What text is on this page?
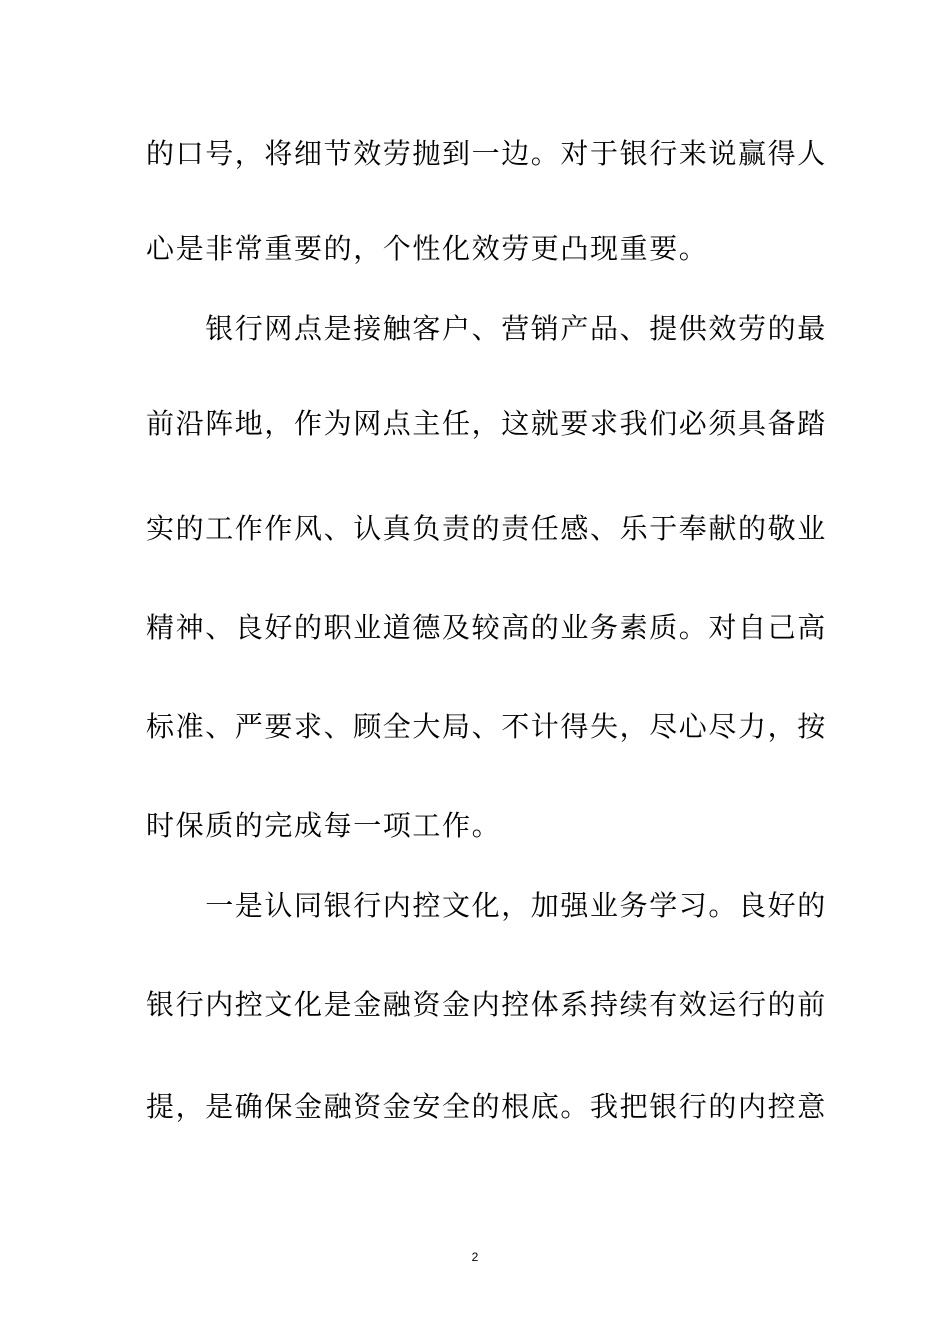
的口号，将细节效劳抛到一边。对于银行来说赢得人
心是非常重要的，个性化效劳更凸现重要。
　　银行网点是接触客户、营销产品、提供效劳的最
前沿阵地，作为网点主任，这就要求我们必须具备踏
实的工作作风、认真负责的责任感、乐于奉献的敬业
精神、良好的职业道德及较高的业务素质。对自己高
标准、严要求、顾全大局、不计得失，尽心尽力，按
时保质的完成每一项工作。
　　一是认同银行内控文化，加强业务学习。良好的
银行内控文化是金融资金内控体系持续有效运行的前
提，是确保金融资金安全的根底。我把银行的内控意
2
